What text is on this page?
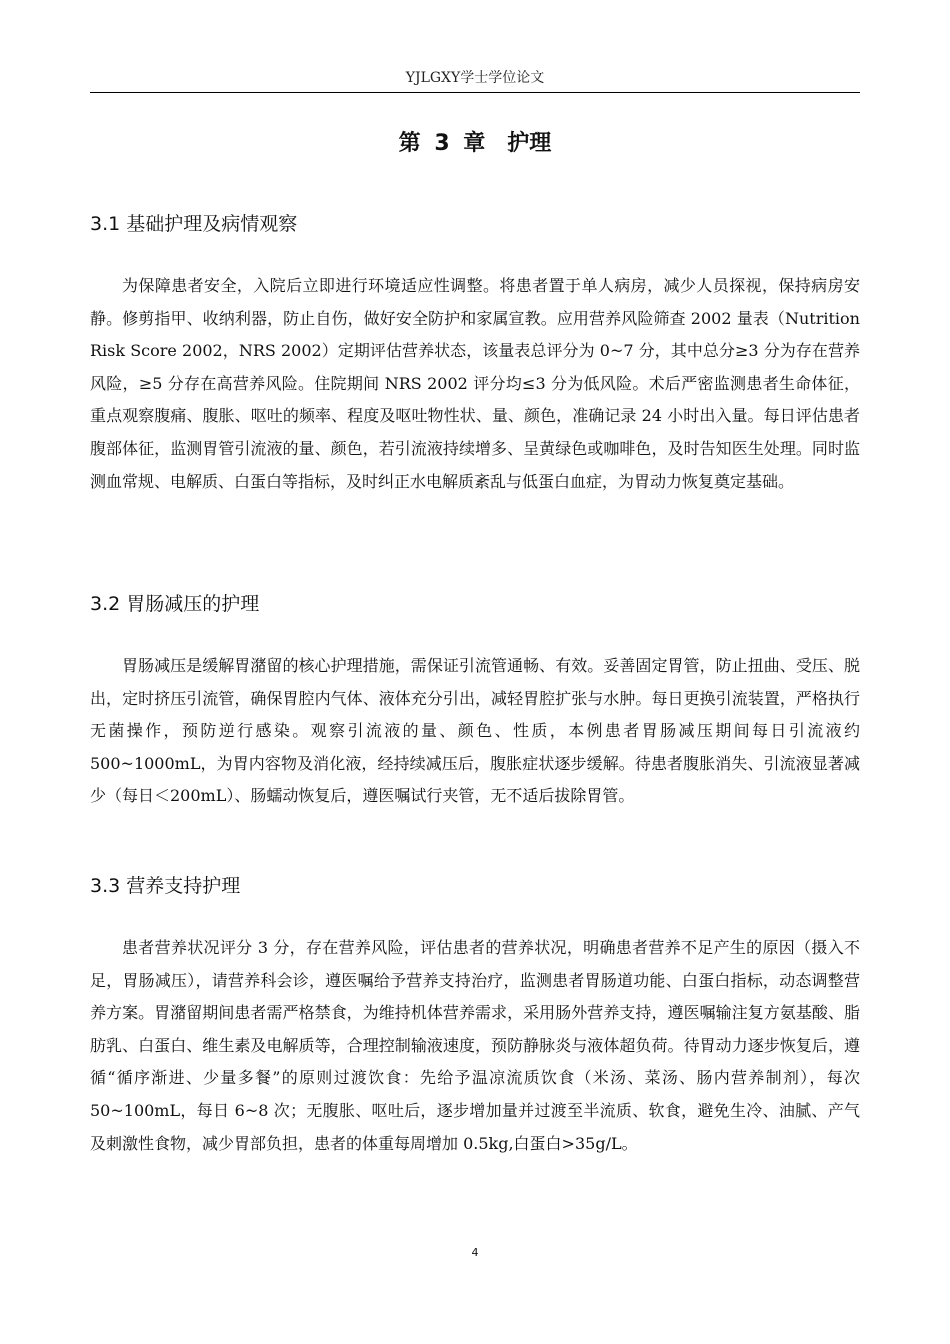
YJLGXY学士学位论文
第 3 章　护理
3.1 基础护理及病情观察

为保障患者安全，入院后立即进行环境适应性调整。将患者置于单人病房，减少人员探视，保持病房安静。修剪指甲、收纳利器，防止自伤，做好安全防护和家属宣教。应用营养风险筛查 2002 量表（Nutrition Risk Score 2002，NRS 2002）定期评估营养状态，该量表总评分为 0~7 分，其中总分≥3 分为存在营养风险，≥5 分存在高营养风险。住院期间 NRS 2002 评分均≤3 分为低风险。术后严密监测患者生命体征，重点观察腹痛、腹胀、呕吐的频率、程度及呕吐物性状、量、颜色，准确记录 24 小时出入量。每日评估患者腹部体征，监测胃管引流液的量、颜色，若引流液持续增多、呈黄绿色或咖啡色，及时告知医生处理。同时监测血常规、电解质、白蛋白等指标，及时纠正水电解质紊乱与低蛋白血症，为胃动力恢复奠定基础。

3.2 胃肠减压的护理

胃肠减压是缓解胃潴留的核心护理措施，需保证引流管通畅、有效。妥善固定胃管，防止扭曲、受压、脱出，定时挤压引流管，确保胃腔内气体、液体充分引出，减轻胃腔扩张与水肿。每日更换引流装置，严格执行无菌操作，预防逆行感染。观察引流液的量、颜色、性质，本例患者胃肠减压期间每日引流液约 500~1000mL，为胃内容物及消化液，经持续减压后，腹胀症状逐步缓解。待患者腹胀消失、引流液显著减少（每日＜200mL）、肠蠕动恢复后，遵医嘱试行夹管，无不适后拔除胃管。

3.3 营养支持护理

患者营养状况评分 3 分，存在营养风险，评估患者的营养状况，明确患者营养不足产生的原因（摄入不足，胃肠减压），请营养科会诊，遵医嘱给予营养支持治疗，监测患者胃肠道功能、白蛋白指标，动态调整营养方案。胃潴留期间患者需严格禁食，为维持机体营养需求，采用肠外营养支持，遵医嘱输注复方氨基酸、脂肪乳、白蛋白、维生素及电解质等，合理控制输液速度，预防静脉炎与液体超负荷。待胃动力逐步恢复后，遵循“循序渐进、少量多餐”的原则过渡饮食：先给予温凉流质饮食（米汤、菜汤、肠内营养制剂），每次 50~100mL，每日 6~8 次；无腹胀、呕吐后，逐步增加量并过渡至半流质、软食，避免生冷、油腻、产气及刺激性食物，减少胃部负担，患者的体重每周增加 0.5kg,白蛋白>35g/L。

4
